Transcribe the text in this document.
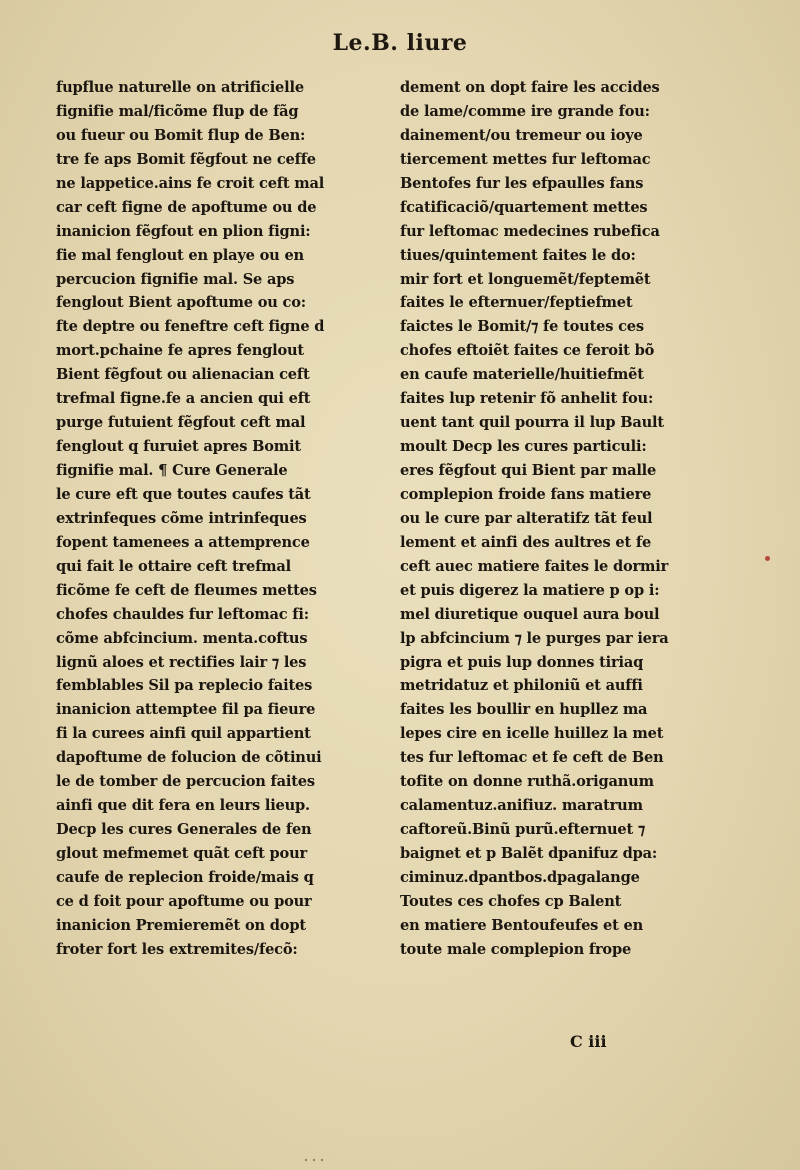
Le.B. liure
fupflue naturelle on atrificielle
fignifie mal/ficõme flup de fãg
ou fueur ou Bomit flup de Ben:
tre fe aps Bomit fẽgfout ne ceffe
ne lappetice.ains fe croit ceft mal
car ceft figne de apoftume ou de
inanicion fẽgfout en plion figni:
fie mal fenglout en playe ou en
percucion fignifie mal. Se aps
fenglout Bient apoftume ou co:
fte deptre ou feneftre ceft figne d
mort.pchaine fe apres fenglout
Bient fẽgfout ou alienacian ceft
trefmal figne.fe a ancien qui eft
purge futuient fẽgfout ceft mal
fenglout q furuiet apres Bomit
fignifie mal. ¶ Cure Generale
le cure eft que toutes caufes tãt
extrinfeques cõme intrinfeques
fopent tamenees a attemprence
qui fait le ottaire ceft trefmal
ficõme fe ceft de fleumes mettes
chofes chauldes fur leftomac fi:
cõme abfcincium. menta.coftus
lignũ aloes et rectifies lair ⁊ les
femblables Sil pa replecio faites
inanicion attemptee fil pa fieure
fi la curees ainfi quil appartient
dapoftume de folucion de cõtinui
le de tomber de percucion faites
ainfi que dit fera en leurs lieup.
Decp les cures Generales de fen
glout mefmemet quãt ceft pour
caufe de replecion froide/mais q
ce d foit pour apoftume ou pour
inanicion Premieremẽt on dopt
froter fort les extremites/fecõ:
dement on dopt faire les accides
de lame/comme ire grande fou:
dainement/ou tremeur ou ioye
tiercement mettes fur leftomac
Bentofes fur les efpaulles fans
fcatificaciõ/quartement mettes
fur leftomac medecines rubefica
tiues/quintement faites le do:
mir fort et longuemẽt/feptemẽt
faites le efternuer/feptiefmet
faictes le Bomit/⁊ fe toutes ces
chofes eftoiẽt faites ce feroit bõ
en caufe materielle/huitiefmẽt
faites lup retenir fõ anhelit fou:
uent tant quil pourra il lup Bault
moult Decp les cures particuli:
eres fẽgfout qui Bient par malle
complepion froide fans matiere
ou le cure par alteratifz tãt feul
lement et ainfi des aultres et fe
ceft auec matiere faites le dormir
et puis digerez la matiere p op i:
mel diuretique ouquel aura boul
lp abfcincium ⁊ le purges par iera
pigra et puis lup donnes tiriaq
metridatuz et philoniũ et auffi
faites les boullir en hupllez ma
lepes cire en icelle huillez la met
tes fur leftomac et fe ceft de Ben
tofite on donne ruthã.origanum
calamentuz.anifiuz. maratrum
caftoreũ.Binũ purũ.efternuet ⁊
baignet et p Balẽt dpanifuz dpa:
ciminuz.dpantbos.dpagalange
Toutes ces chofes cp Balent
en matiere Bentoufeufes et en
toute male complepion frope
C iii
